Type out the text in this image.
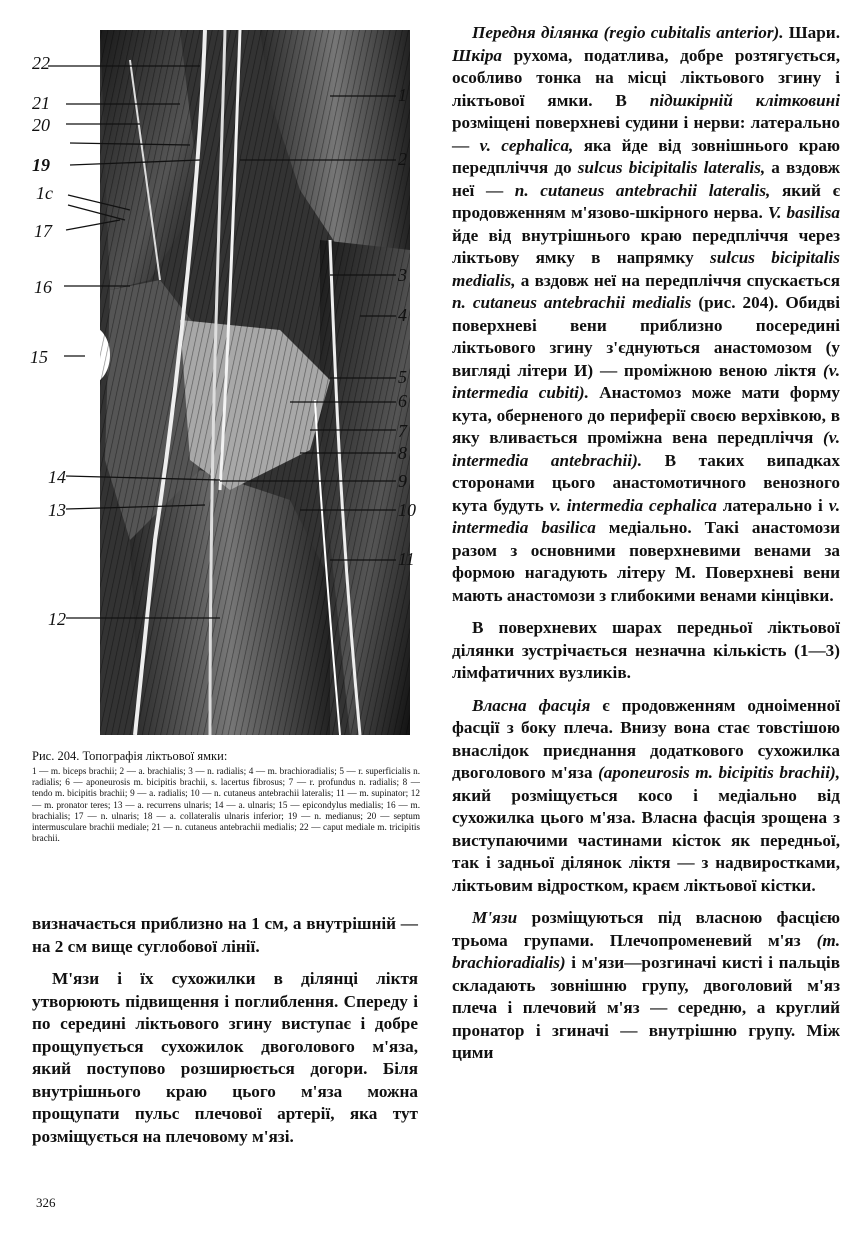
22
21
20
19
1c
17
16
15
14
13
12
1
2
3
4
5
6
7
8
9
10
11
Рис. 204. Топографія ліктьової ямки:
1 — m. biceps brachii; 2 — a. brachialis; 3 — n. radialis; 4 — m. brachioradialis; 5 — r. superficialis n. radialis; 6 — aponeurosis m. bicipitis brachii, s. lacertus fibrosus; 7 — r. profundus n. radialis; 8 — tendo m. bicipitis brachii; 9 — a. radialis; 10 — n. cutaneus antebrachii lateralis; 11 — m. supinator; 12 — m. pronator teres; 13 — a. recurrens ulnaris; 14 — a. ulnaris; 15 — epicondylus medialis; 16 — m. brachialis; 17 — n. ulnaris; 18 — a. collateralis ulnaris iпferior; 19 — n. medianus; 20 — septum intermusculare brachii mediale; 21 — n. cutaneus antebrachii medialis; 22 — caput mediale m. tricipitis brachii.

визначається приблизно на 1 см, а внутрішній — на 2 см вище суглобової лінії.

М'язи і їх сухожилки в ділянці ліктя утворюють підвищення і поглиблення. Спереду і по середині ліктьового згину виступає і добре прощупується сухожилок двоголового м'яза, який поступово розширюється догори. Біля внутрішнього краю цього м'яза можна прощупати пульс плечової артерії, яка тут розміщується на плечовому м'язі.

Передня ділянка (regio cubitalis anterior). Шари. Шкіра рухома, податлива, добре розтягується, особливо тонка на місці ліктьового згину і ліктьової ямки. В підшкірній клітковині розміщені поверхневі судини і нерви: латерально — v. cephalica, яка йде від зовнішнього краю передпліччя до sulcus bicipitalis lateralis, а вздовж неї — n. cutaneus antebrachii lateralis, який є продовженням м'язово-шкірного нерва. V. basilisa йде від внутрішнього краю передпліччя через ліктьову ямку в напрямку sulcus bicipitalis medialis, а вздовж неї на передпліччя спускається n. cutaneus antebrachii medialis (рис. 204). Обидві поверхневі вени приблизно посередині ліктьового згину з'єднуються анастомозом (у вигляді літери И) — проміжною веною ліктя (v. intermedia cubiti). Анастомоз може мати форму кута, оберненого до периферії своєю верхівкою, в яку вливається проміжна вена передпліччя (v. intermedia antebrachii). В таких випадках сторонами цього анастомотичного венозного кута будуть v. intermedia cephalica латерально і v. intermedia basilica медіально. Такі анастомози разом з основними поверхневими венами за формою нагадують літеру М. Поверхневі вени мають анастомози з глибокими венами кінцівки.

В поверхневих шарах передньої ліктьової ділянки зустрічається незначна кількість (1—3) лімфатичних вузликів.

Власна фасція є продовженням одноіменної фасції з боку плеча. Внизу вона стає товстішою внаслідок приєднання додаткового сухожилка двоголового м'яза (aponeurosis m. bicipitis brachii), який розміщується косо і медіально від сухожилка цього м'яза. Власна фасція зрощена з виступаючими частинами кісток як передньої, так і задньої ділянок ліктя — з надвиростками, ліктьовим відростком, краєм ліктьової кістки.

М'язи розміщуються під власною фасцією трьома групами. Плечопроменевий м'яз (m. brachioradialis) і м'язи—розгиначі кисті і пальців складають зовнішню групу, двоголовий м'яз плеча і плечовий м'яз — середню, а круглий пронатор і згиначі — внутрішню групу. Між цими

326
